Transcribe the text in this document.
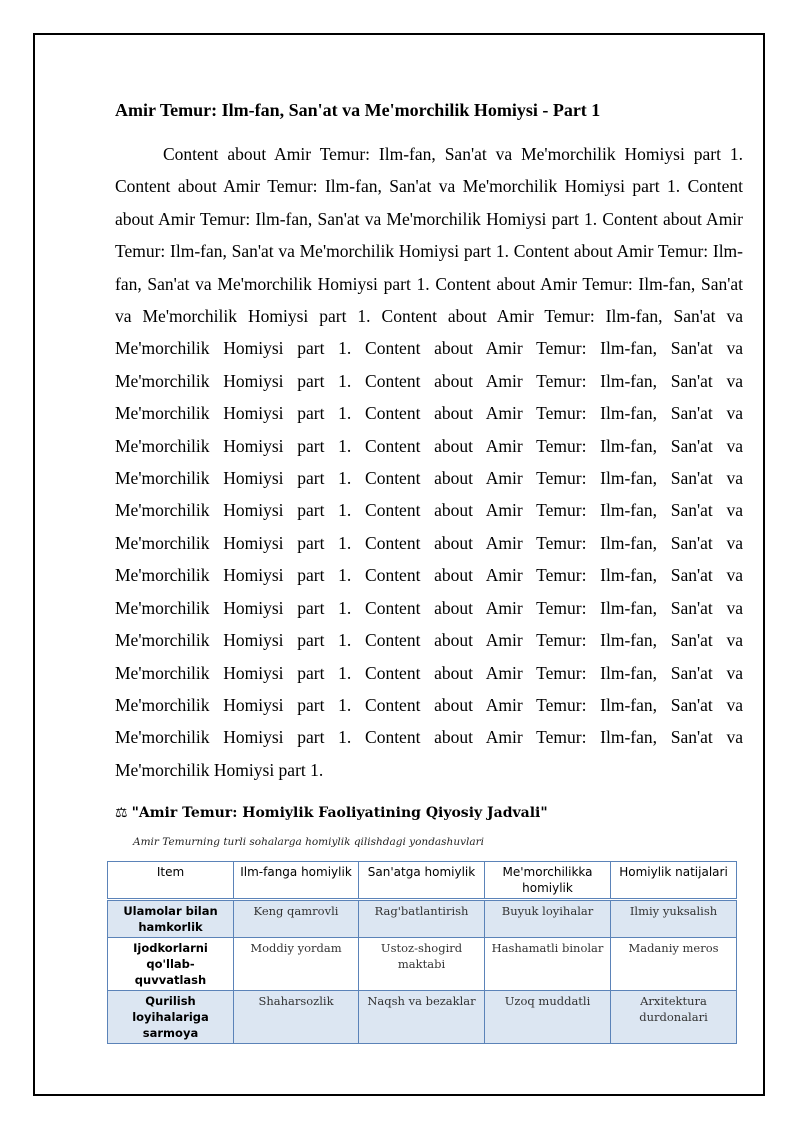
Amir Temur: Ilm-fan, San'at va Me'morchilik Homiysi - Part 1

Content about Amir Temur: Ilm-fan, San'at va Me'morchilik Homiysi part 1. Content about Amir Temur: Ilm-fan, San'at va Me'morchilik Homiysi part 1. Content about Amir Temur: Ilm-fan, San'at va Me'morchilik Homiysi part 1. Content about Amir Temur: Ilm-fan, San'at va Me'morchilik Homiysi part 1. Content about Amir Temur: Ilm-fan, San'at va Me'morchilik Homiysi part 1. Content about Amir Temur: Ilm-fan, San'at va Me'morchilik Homiysi part 1. Content about Amir Temur: Ilm-fan, San'at va Me'morchilik Homiysi part 1. Content about Amir Temur: Ilm-fan, San'at va Me'morchilik Homiysi part 1. Content about Amir Temur: Ilm-fan, San'at va Me'morchilik Homiysi part 1. Content about Amir Temur: Ilm-fan, San'at va Me'morchilik Homiysi part 1. Content about Amir Temur: Ilm-fan, San'at va Me'morchilik Homiysi part 1. Content about Amir Temur: Ilm-fan, San'at va Me'morchilik Homiysi part 1. Content about Amir Temur: Ilm-fan, San'at va Me'morchilik Homiysi part 1. Content about Amir Temur: Ilm-fan, San'at va Me'morchilik Homiysi part 1. Content about Amir Temur: Ilm-fan, San'at va Me'morchilik Homiysi part 1. Content about Amir Temur: Ilm-fan, San'at va Me'morchilik Homiysi part 1. Content about Amir Temur: Ilm-fan, San'at va Me'morchilik Homiysi part 1. Content about Amir Temur: Ilm-fan, San'at va Me'morchilik Homiysi part 1. Content about Amir Temur: Ilm-fan, San'at va Me'morchilik Homiysi part 1. Content about Amir Temur: Ilm-fan, San'at va Me'morchilik Homiysi part 1.

⚖ "Amir Temur: Homiylik Faoliyatining Qiyosiy Jadvali"
Amir Temurning turli sohalarga homiylik qilishdagi yondashuvlari
Item	Ilm-fanga homiylik	San'atga homiylik	Me'morchilikka homiylik	Homiylik natijalari
Ulamolar bilan hamkorlik	Keng qamrovli	Rag'batlantirish	Buyuk loyihalar	Ilmiy yuksalish
Ijodkorlarni qo'llab-quvvatlash	Moddiy yordam	Ustoz-shogird maktabi	Hashamatli binolar	Madaniy meros
Qurilish loyihalariga sarmoya	Shaharsozlik	Naqsh va bezaklar	Uzoq muddatli	Arxitektura durdonalari
